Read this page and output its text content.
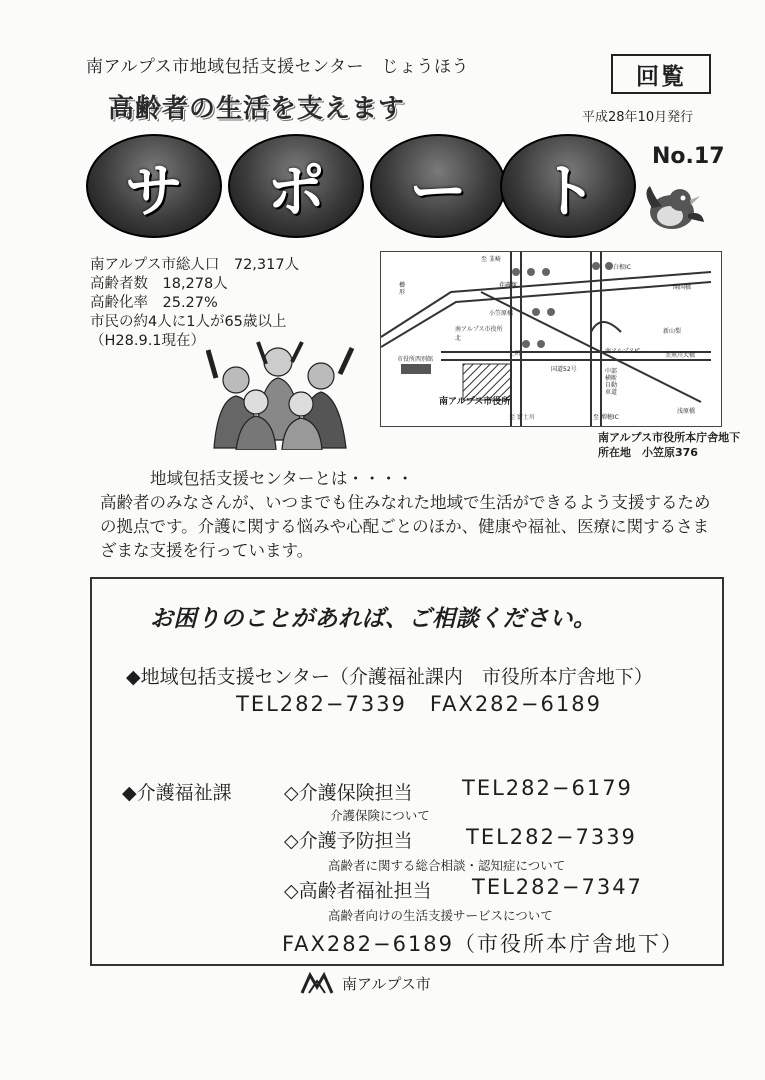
南アルプス市地域包括支援センター　じょうほう	回覧
高齢者の生活を支えます	平成28年10月発行
No.17
サ	ポ	ー	ト
南アルプス市総人口　72,317人
高齢者数　18,278人
高齢化率　25.27%
市民の約4人に1人が65歳以上
（H28.9.1現在）
至 韮崎
荏蔵塚
白根IC
開国橋
小笠原橋
南アルプス市役所北
新山梨
南アルプスIC
釜無川大橋
上町
市役所西別館
国道52号	中部横断自動車道
南アルプス市役所
至 富士川	至 増穂IC
浅原橋
櫛形
南アルプス市役所本庁舎地下
所在地　小笠原376
地域包括支援センターとは・・・・
高齢者のみなさんが、いつまでも住みなれた地域で生活ができるよう支援するための拠点です。介護に関する悩みや心配ごとのほか、健康や福祉、医療に関するさまざまな支援を行っています。
お困りのことがあれば、ご相談ください。
◆地域包括支援センター（介護福祉課内　市役所本庁舎地下）
TEL282−7339　FAX282−6189
◆介護福祉課	◇介護保険担当 TEL282−6179
介護保険について
◇介護予防担当	TEL282−7339
高齢者に関する総合相談・認知症について
◇高齢者福祉担当 TEL282−7347
高齢者向けの生活支援サービスについて
FAX282−6189（市役所本庁舎地下）
南アルプス市
